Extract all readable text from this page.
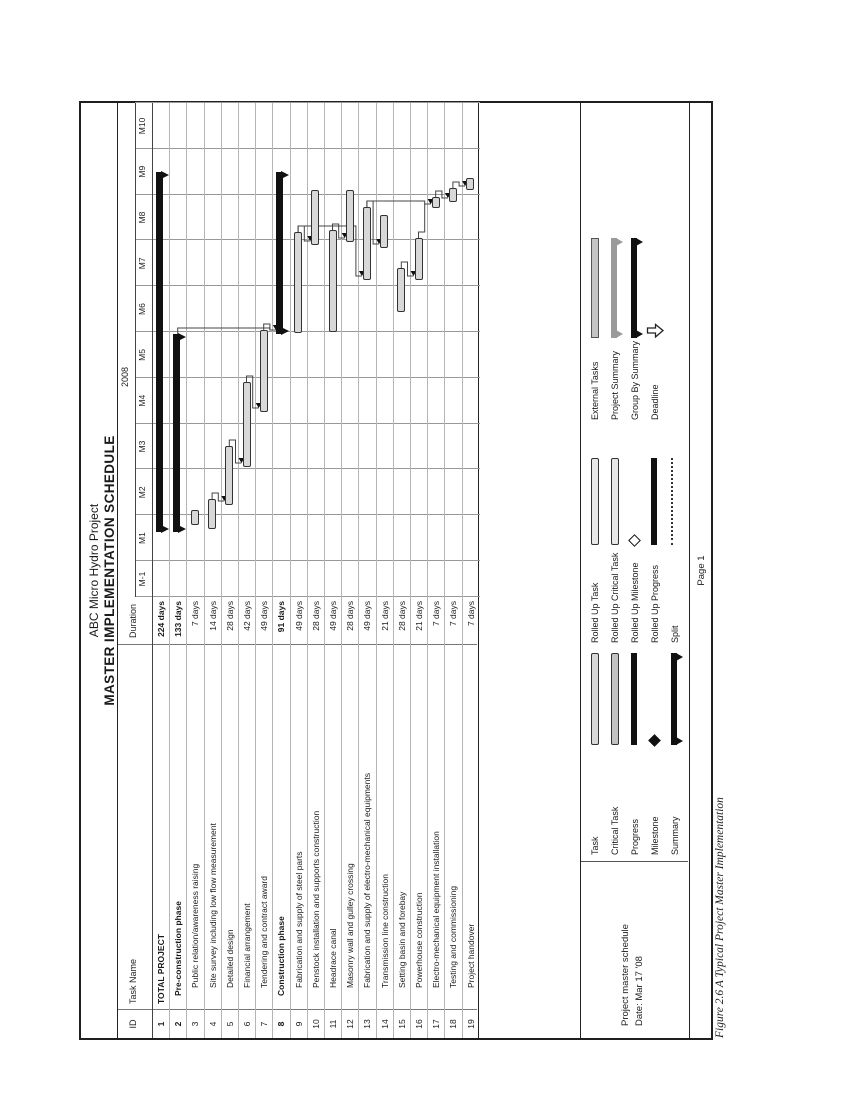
ABC Micro Hydro Project MASTER IMPLEMENTATION SCHEDULE
ID
Task Name
Duration
2008
M-1
M1
M2
M3
M4
M5
M6
M7
M8
M9
M10
1
TOTAL PROJECT
224 days
2
Pre-construction phase
133 days
3
Public relation/awareness raising
7 days
4
Site survey including low flow measurement
14 days
5
Detailed design
28 days
6
Financial arrangement
42 days
7
Tendering and contract award
49 days
8
Construction phase
91 days
9
Fabrication and supply of steel parts
49 days
10
Penstock installation and supports construction
28 days
11
Headrace canal
49 days
12
Masonry wall and gulley crossing
28 days
13
Fabrication and supply of electro-mechanical equipments
49 days
14
Transmission line construction
21 days
15
Setting basin and forebay
28 days
16
Powerhouse construction
21 days
17
Electro-mechanical equipment installation
7 days
18
Testing and commissioning
7 days
19
Project handover
7 days
Project master schedule Date: Mar 17 '08
Task Critical Task Progress Milestone Summary
Rolled Up Task Rolled Up Critical Task Rolled Up Milestone Rolled Up Progress Split
External Tasks Project Summary Group By Summary Deadline
Page 1
Figure 2.6 A Typical Project Master Implementation
